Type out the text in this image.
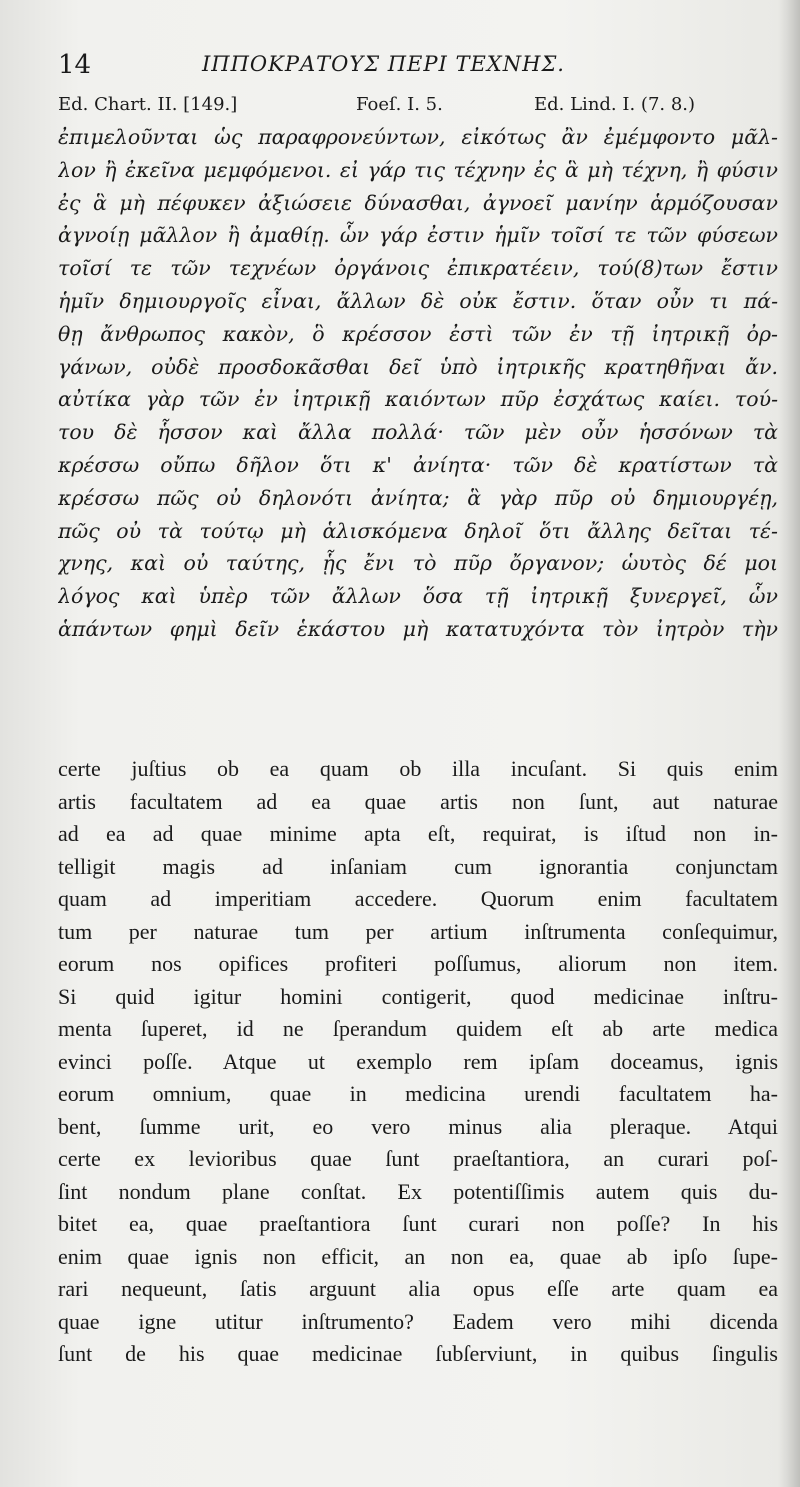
14	ΙΠΠΟΚΡΑΤΟΥΣ ΠΕΡΙ ΤΕΧΝΗΣ.
Ed. Chart. II. [149.]	Foeſ. I. 5.	Ed. Lind. I. (7. 8.)
ἐπιμελοῦνται ὡς παραφρονεύντων, εἰκότως ἂν ἐμέμφοντο μᾶλ-
λον ἢ ἐκεῖνα μεμφόμενοι. εἰ γάρ τις τέχνην ἐς ἃ μὴ τέχνη, ἢ φύσιν
ἐς ἃ μὴ πέφυκεν ἀξιώσειε δύνασθαι, ἀγνοεῖ μανίην ἁρμόζουσαν
ἀγνοίῃ μᾶλλον ἢ ἀμαθίῃ. ὧν γάρ ἐστιν ἡμῖν τοῖσί τε τῶν φύσεων
τοῖσί τε τῶν τεχνέων ὀργάνοις ἐπικρατέειν, τού(8)των ἔστιν
ἡμῖν δημιουργοῖς εἶναι, ἄλλων δὲ οὐκ ἔστιν. ὅταν οὖν τι πά-
θῃ ἄνθρωπος κακὸν, ὃ κρέσσον ἐστὶ τῶν ἐν τῇ ἰητρικῇ ὀρ-
γάνων, οὐδὲ προσδοκᾶσθαι δεῖ ὑπὸ ἰητρικῆς κρατηθῆναι ἄν.
αὐτίκα γὰρ τῶν ἐν ἰητρικῇ καιόντων πῦρ ἐσχάτως καίει. τού-
του δὲ ἧσσον καὶ ἄλλα πολλά· τῶν μὲν οὖν ἡσσόνων τὰ
κρέσσω οὔπω δῆλον ὅτι κ' ἀνίητα· τῶν δὲ κρατίστων τὰ
κρέσσω πῶς οὐ δηλονότι ἀνίητα; ἃ γὰρ πῦρ οὐ δημιουργέῃ,
πῶς οὐ τὰ τούτῳ μὴ ἁλισκόμενα δηλοῖ ὅτι ἄλλης δεῖται τέ-
χνης, καὶ οὐ ταύτης, ᾗς ἔνι τὸ πῦρ ὄργανον; ὡυτὸς δέ μοι
λόγος καὶ ὑπὲρ τῶν ἄλλων ὅσα τῇ ἰητρικῇ ξυνεργεῖ, ὧν
ἁπάντων φημὶ δεῖν ἑκάστου μὴ κατατυχόντα τὸν ἰητρὸν τὴν
certe juſtius ob ea quam ob illa incuſant. Si quis enim
artis facultatem ad ea quae artis non ſunt, aut naturae
ad ea ad quae minime apta eſt, requirat, is iſtud non in-
telligit magis ad inſaniam cum ignorantia conjunctam
quam ad imperitiam accedere. Quorum enim facultatem
tum per naturae tum per artium inſtrumenta conſequimur,
eorum nos opifices profiteri poſſumus, aliorum non item.
Si quid igitur homini contigerit, quod medicinae inſtru-
menta ſuperet, id ne ſperandum quidem eſt ab arte medica
evinci poſſe. Atque ut exemplo rem ipſam doceamus, ignis
eorum omnium, quae in medicina urendi facultatem ha-
bent, ſumme urit, eo vero minus alia pleraque. Atqui
certe ex levioribus quae ſunt praeſtantiora, an curari poſ-
ſint nondum plane conſtat. Ex potentiſſimis autem quis du-
bitet ea, quae praeſtantiora ſunt curari non poſſe? In his
enim quae ignis non efficit, an non ea, quae ab ipſo ſupe-
rari nequeunt, ſatis arguunt alia opus eſſe arte quam ea
quae igne utitur inſtrumento? Eadem vero mihi dicenda
ſunt de his quae medicinae ſubſerviunt, in quibus ſingulis
